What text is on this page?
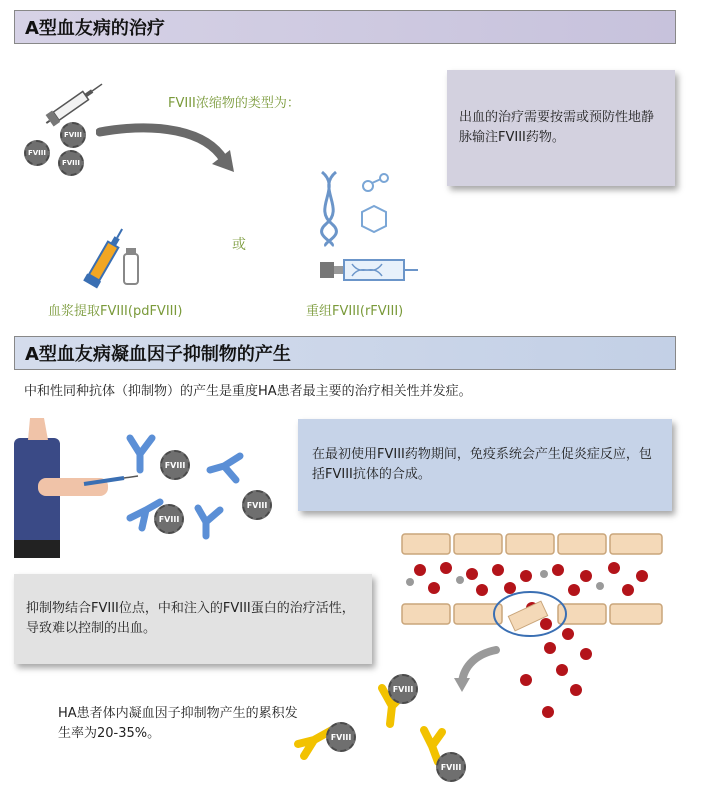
A型血友病的治疗
FVIII
FVIII
FVIII
FVIII浓缩物的类型为：
出血的治疗需要按需或预防性地静脉输注FVIII药物。
或
血浆提取FVIII(pdFVIII)	重组FVIII(rFVIII)
A型血友病凝血因子抑制物的产生
中和性同种抗体（抑制物）的产生是重度HA患者最主要的治疗相关性并发症。
FVIII
FVIII
FVIII
在最初使用FVIII药物期间，免疫系统会产生促炎症反应，包括FVIII抗体的合成。
抑制物结合FVIII位点，中和注入的FVIII蛋白的治疗活性，导致难以控制的出血。
HA患者体内凝血因子抑制物产生的累积发生率为20-35%。
FVIII
FVIII
FVIII
